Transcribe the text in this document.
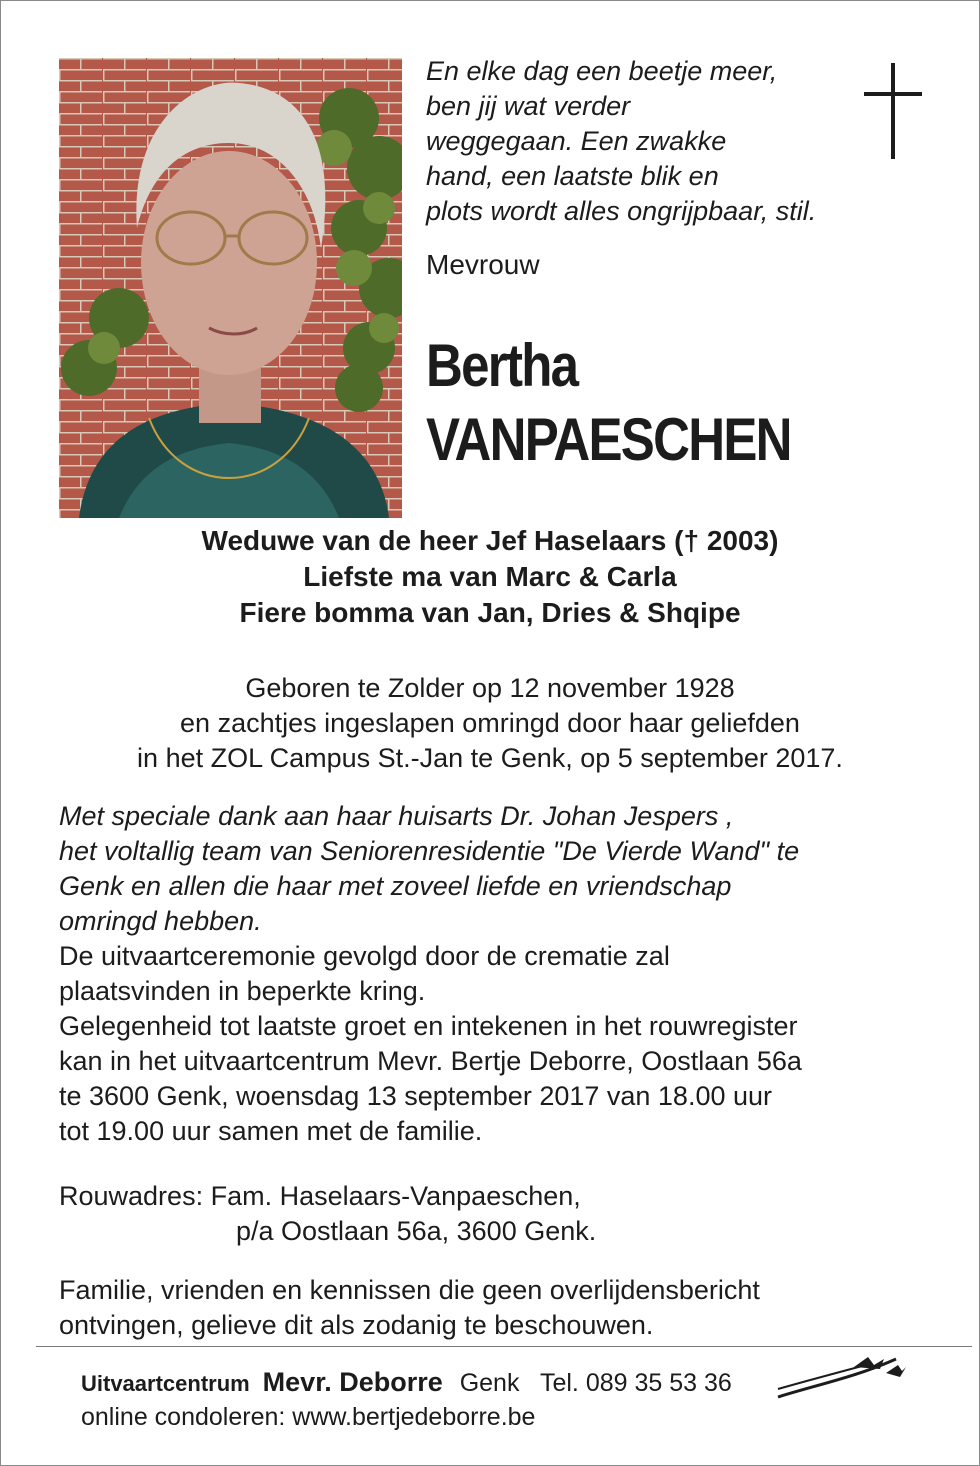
En elke dag een beetje meer,
ben jij wat verder
weggegaan. Een zwakke
hand, een laatste blik en
plots wordt alles ongrijpbaar, stil.
Mevrouw
Bertha
VANPAESCHEN
Weduwe van de heer Jef Haselaars († 2003)
Liefste ma van Marc & Carla
Fiere bomma van Jan, Dries & Shqipe
Geboren te Zolder op 12 november 1928
en zachtjes ingeslapen omringd door haar geliefden
in het ZOL Campus St.-Jan te Genk, op 5 september 2017.
Met speciale dank aan haar huisarts Dr. Johan Jespers ,
het voltallig team van Seniorenresidentie "De Vierde Wand" te
Genk en allen die haar met zoveel liefde en vriendschap
omringd hebben.
De uitvaartceremonie gevolgd door de crematie zal
plaatsvinden in beperkte kring.
Gelegenheid tot laatste groet en intekenen in het rouwregister
kan in het uitvaartcentrum Mevr. Bertje Deborre, Oostlaan 56a
te 3600 Genk, woensdag 13 september 2017 van 18.00 uur
tot 19.00 uur samen met de familie.
Rouwadres: Fam. Haselaars-Vanpaeschen,
p/a Oostlaan 56a, 3600 Genk.
Familie, vrienden en kennissen die geen overlijdensbericht
ontvingen, gelieve dit als zodanig te beschouwen.
Uitvaartcentrum Mevr. Deborre Genk Tel. 089 35 53 36
online condoleren: www.bertjedeborre.be
